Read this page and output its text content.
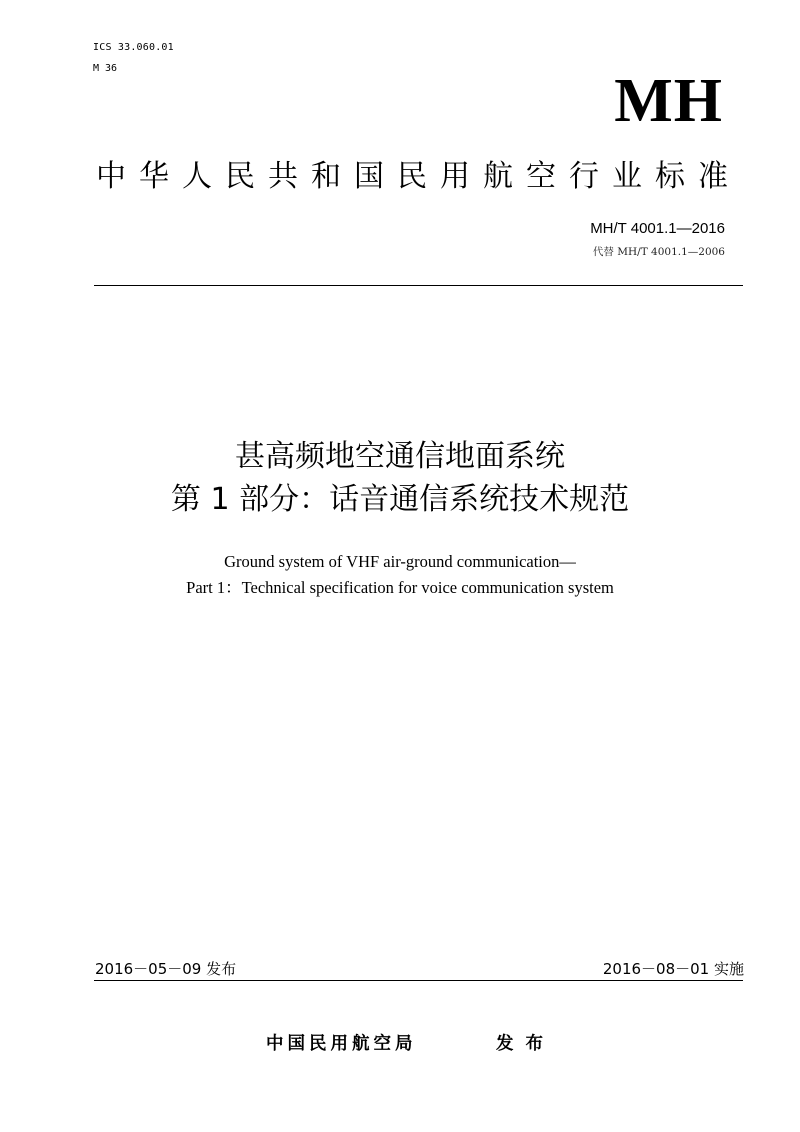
ICS 33.060.01
M 36	MH
中华人民共和国民用航空行业标准
MH/T 4001.1—2016
代替 MH/T 4001.1—2006
甚高频地空通信地面系统
第 1 部分：话音通信系统技术规范
Ground system of VHF air-ground communication—
Part 1：Technical specification for voice communication system
2016－05－09 发布	2016－08－01 实施
中国民用航空局	发布
